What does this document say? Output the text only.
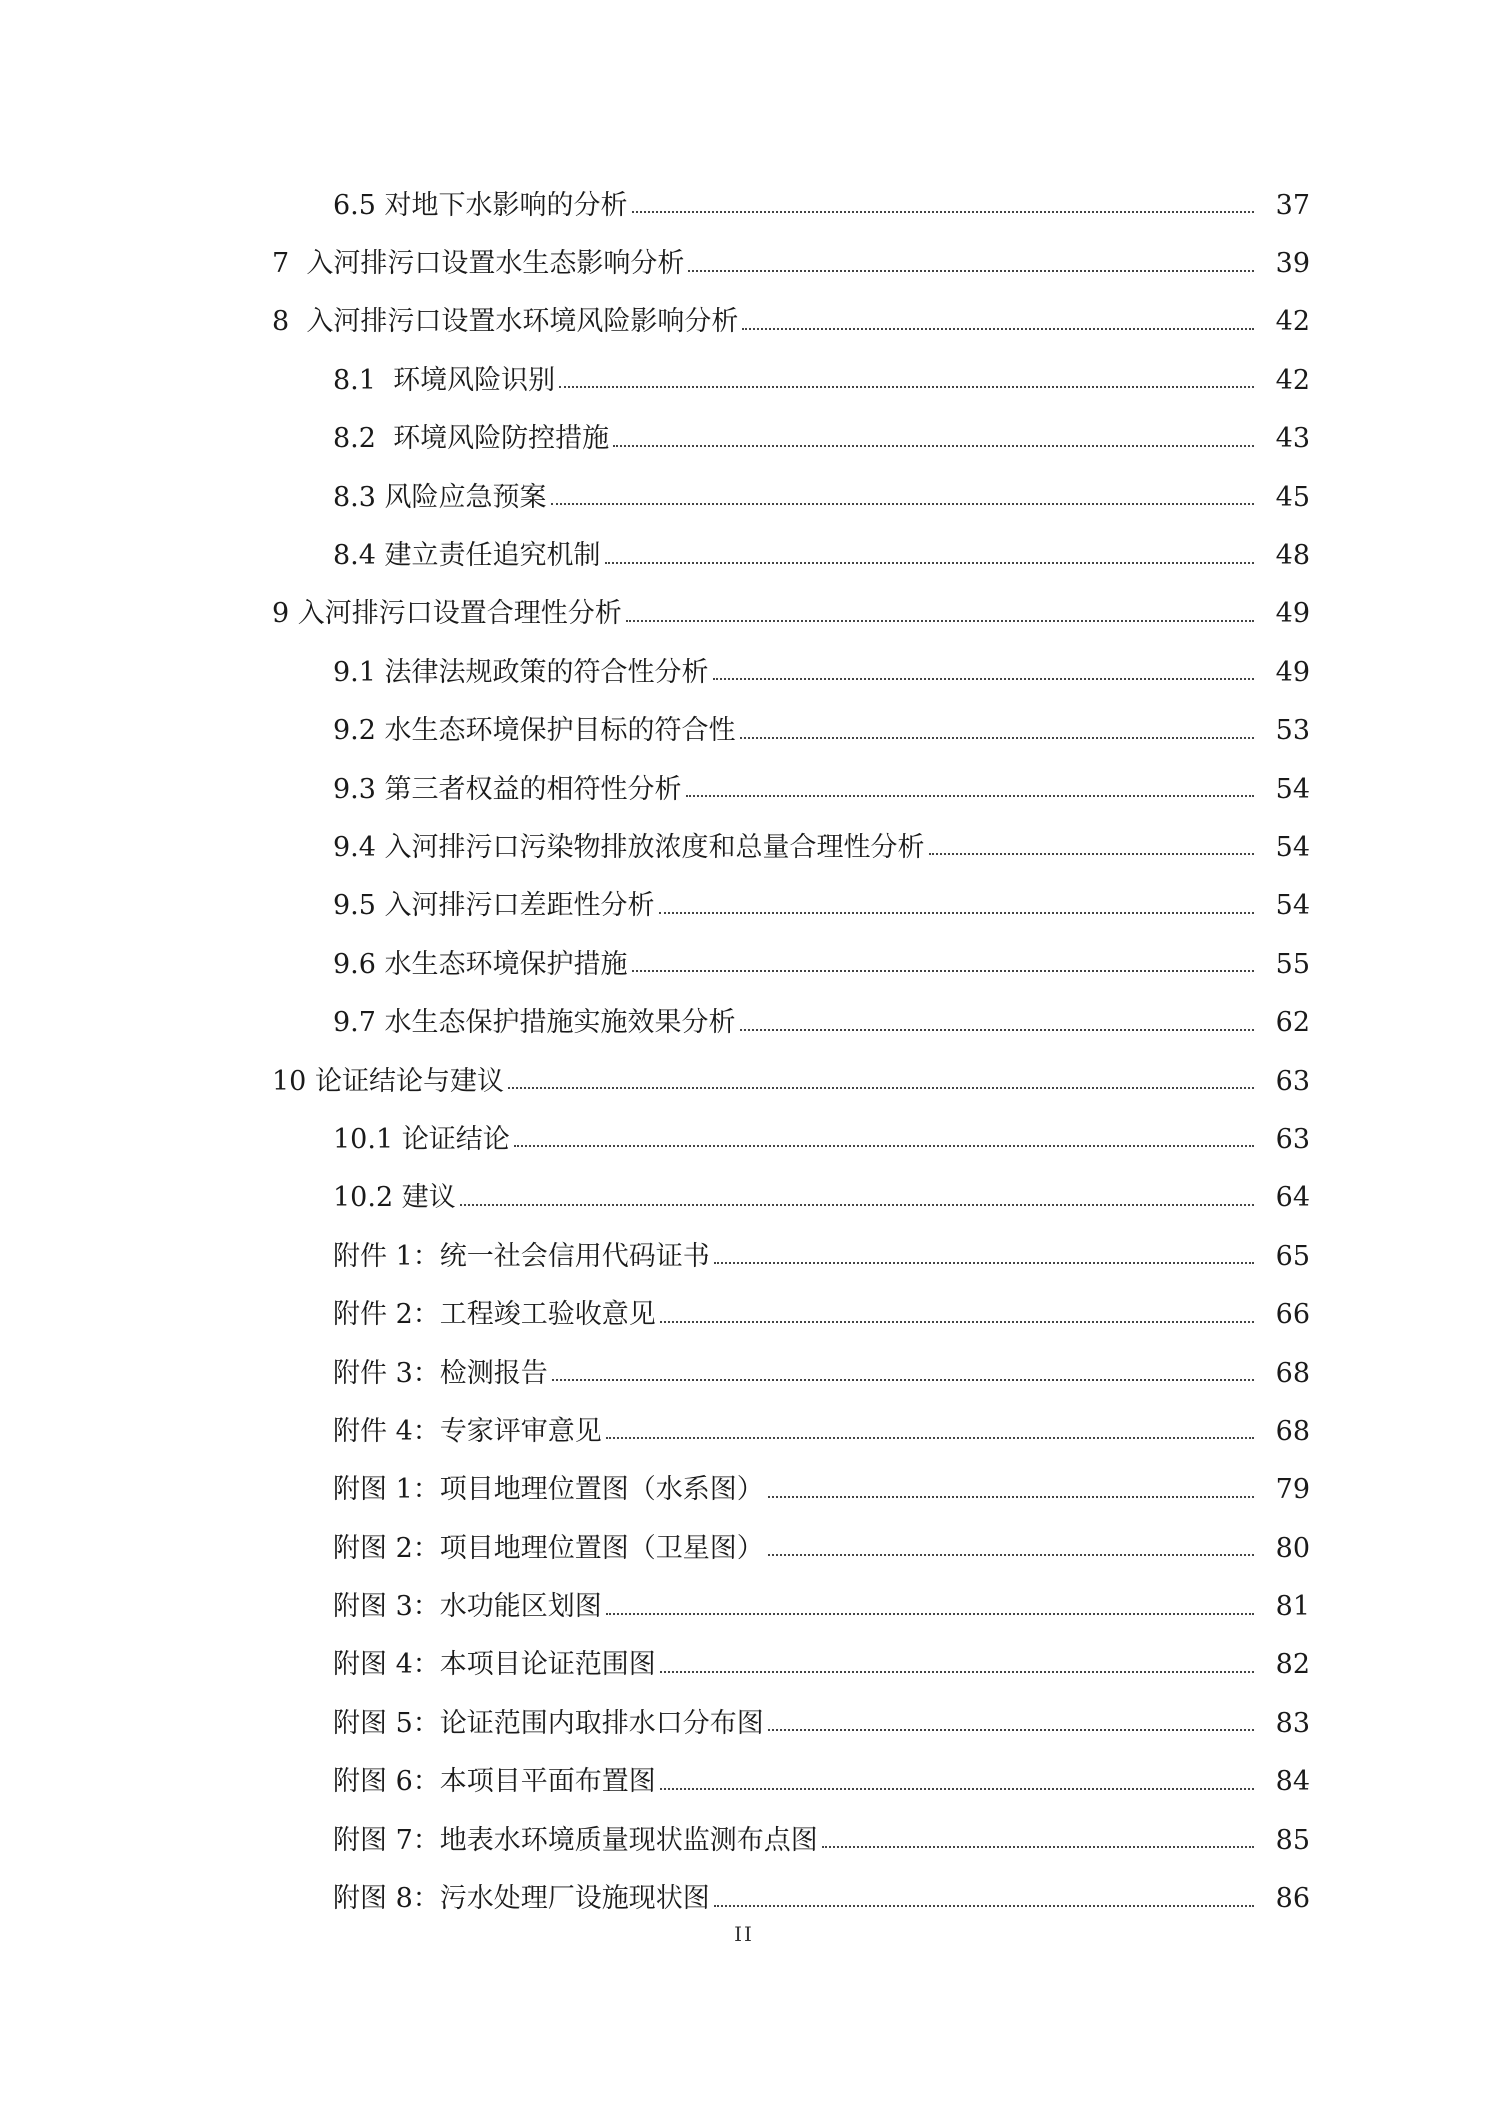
6.5 对地下水影响的分析	37
7  入河排污口设置水生态影响分析	39
8  入河排污口设置水环境风险影响分析	42
8.1  环境风险识别	42
8.2  环境风险防控措施	43
8.3 风险应急预案	45
8.4 建立责任追究机制	48
9 入河排污口设置合理性分析	49
9.1 法律法规政策的符合性分析	49
9.2 水生态环境保护目标的符合性	53
9.3 第三者权益的相符性分析	54
9.4 入河排污口污染物排放浓度和总量合理性分析	54
9.5 入河排污口差距性分析	54
9.6 水生态环境保护措施	55
9.7 水生态保护措施实施效果分析	62
10 论证结论与建议	63
10.1 论证结论	63
10.2 建议	64
附件 1：统一社会信用代码证书	65
附件 2：工程竣工验收意见	66
附件 3：检测报告	68
附件 4：专家评审意见	68
附图 1：项目地理位置图（水系图）	79
附图 2：项目地理位置图（卫星图）	80
附图 3：水功能区划图	81
附图 4：本项目论证范围图	82
附图 5：论证范围内取排水口分布图	83
附图 6：本项目平面布置图	84
附图 7：地表水环境质量现状监测布点图	85
附图 8：污水处理厂设施现状图	86
II
